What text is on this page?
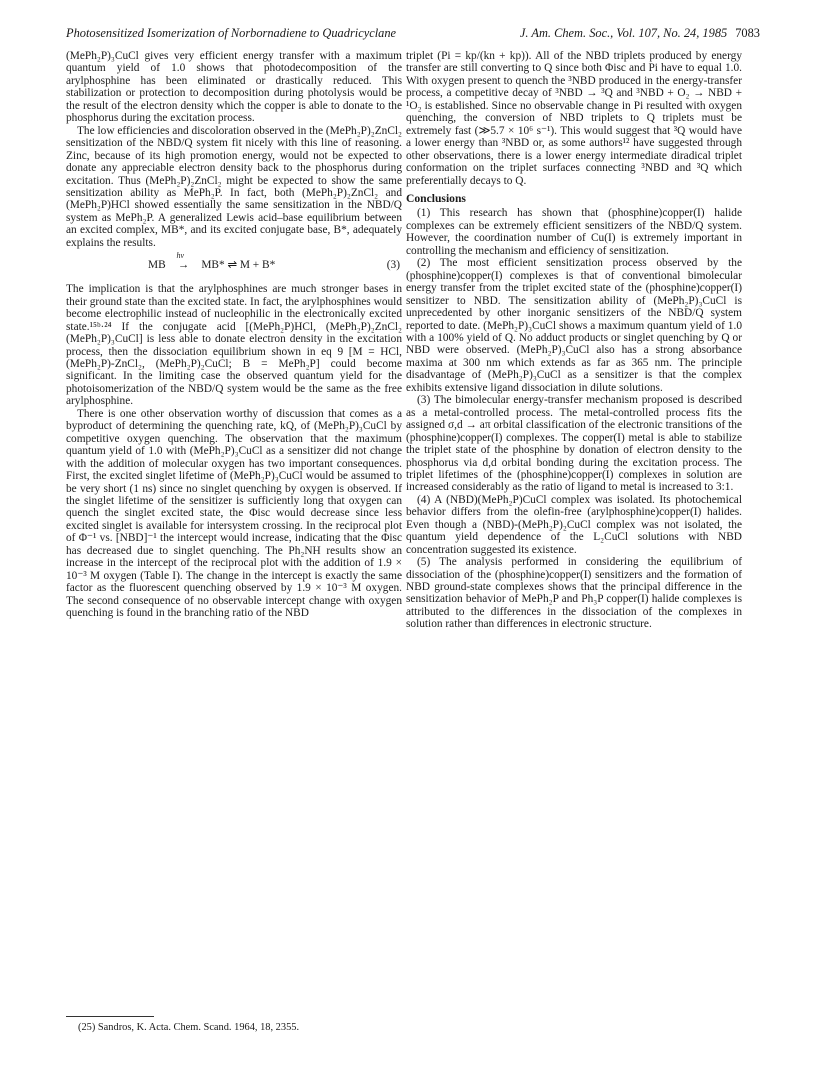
Photosensitized Isomerization of Norbornadiene to Quadricyclane	J. Am. Chem. Soc., Vol. 107, No. 24, 1985 7083

(MePh₂P)₃CuCl gives very efficient energy transfer with a maximum quantum yield of 1.0 shows that photodecomposition of the arylphosphine has been eliminated or drastically reduced. This stabilization or protection to decomposition during photolysis would be the result of the electron density which the copper is able to donate to the phosphorus during the excitation process.

The low efficiencies and discoloration observed in the (MePh₂P)₂ZnCl₂ sensitization of the NBD/Q system fit nicely with this line of reasoning. Zinc, because of its high promotion energy, would not be expected to donate any appreciable electron density back to the phosphorus during excitation. Thus (MePh₂P)₂ZnCl₂ might be expected to show the same sensitization ability as MePh₂P. In fact, both (MePh₂P)₂ZnCl₂ and (MePh₂P)HCl showed essentially the same sensitization in the NBD/Q system as MePh₂P. A generalized Lewis acid–base equilibrium between an excited complex, MB*, and its excited conjugate base, B*, adequately explains the results.

MB
hν
→ MB* ⇌ M + B*	(3)

The implication is that the arylphosphines are much stronger bases in their ground state than the excited state. In fact, the arylphosphines would become electrophilic instead of nucleophilic in the electronically excited state.¹⁵ᵇ·²⁴ If the conjugate acid [(MePh₂P)HCl, (MePh₂P)₂ZnCl₂ (MePh₂P)₃CuCl] is less able to donate electron density in the excitation process, then the dissociation equilibrium shown in eq 9 [M = HCl, (MePh₂P)-ZnCl₂, (MePh₂P)₂CuCl; B = MePh₂P] could become significant. In the limiting case the observed quantum yield for the photoisomerization of the NBD/Q system would be the same as the free arylphosphine.

There is one other observation worthy of discussion that comes as a byproduct of determining the quenching rate, kQ, of (MePh₂P)₃CuCl by competitive oxygen quenching. The observation that the maximum quantum yield of 1.0 with (MePh₂P)₃CuCl as a sensitizer did not change with the addition of molecular oxygen has two important consequences. First, the excited singlet lifetime of (MePh₂P)₃CuCl would be assumed to be very short (1 ns) since no singlet quenching by oxygen is observed. If the singlet lifetime of the sensitizer is sufficiently long that oxygen can quench the singlet excited state, the Φisc would decrease since less excited singlet is available for intersystem crossing. In the reciprocal plot of Φ⁻¹ vs. [NBD]⁻¹ the intercept would increase, indicating that the Φisc has decreased due to singlet quenching. The Ph₂NH results show an increase in the intercept of the reciprocal plot with the addition of 1.9 × 10⁻³ M oxygen (Table I). The change in the intercept is exactly the same factor as the fluorescent quenching observed by 1.9 × 10⁻³ M oxygen. The second consequence of no observable intercept change with oxygen quenching is found in the branching ratio of the NBD

triplet (Pi = kp/(kn + kp)). All of the NBD triplets produced by energy transfer are still converting to Q since both Φisc and Pi have to equal 1.0. With oxygen present to quench the ³NBD produced in the energy-transfer process, a competitive decay of ³NBD → ³Q and ³NBD + O₂ → NBD + ¹O₂ is established. Since no observable change in Pi resulted with oxygen quenching, the conversion of NBD triplets to Q triplets must be extremely fast (≫5.7 × 10⁶ s⁻¹). This would suggest that ³Q would have a lower energy than ³NBD or, as some authors¹² have suggested through other observations, there is a lower energy intermediate diradical triplet conformation on the triplet surfaces connecting ³NBD and ³Q which preferentially decays to Q.

Conclusions

(1) This research has shown that (phosphine)copper(I) halide complexes can be extremely efficient sensitizers of the NBD/Q system. However, the coordination number of Cu(I) is extremely important in controlling the mechanism and efficiency of sensitization.

(2) The most efficient sensitization process observed by the (phosphine)copper(I) complexes is that of conventional bimolecular energy transfer from the triplet excited state of the (phosphine)copper(I) sensitizer to NBD. The sensitization ability of (MePh₂P)₃CuCl is unprecedented by other inorganic sensitizers of the NBD/Q system reported to date. (MePh₂P)₃CuCl shows a maximum quantum yield of 1.0 with a 100% yield of Q. No adduct products or singlet quenching by Q or NBD were observed. (MePh₂P)₃CuCl also has a strong absorbance maxima at 300 nm which extends as far as 365 nm. The principle disadvantage of (MePh₂P)₃CuCl as a sensitizer is that the complex exhibits extensive ligand dissociation in dilute solutions.

(3) The bimolecular energy-transfer mechanism proposed is described as a metal-controlled process. The metal-controlled process fits the assigned σ,d → aπ orbital classification of the electronic transitions of the (phosphine)copper(I) complexes. The copper(I) metal is able to stabilize the triplet state of the phosphine by donation of electron density to the phosphorus via d,d orbital bonding during the excitation process. The triplet lifetimes of the (phosphine)copper(I) complexes in solution are increased considerably as the ratio of ligand to metal is increased to 3:1.

(4) A (NBD)(MePh₂P)CuCl complex was isolated. Its photochemical behavior differs from the olefin-free (arylphosphine)copper(I) halides. Even though a (NBD)-(MePh₂P)₂CuCl complex was not isolated, the quantum yield dependence of the L₂CuCl solutions with NBD concentration suggested its existence.

(5) The analysis performed in considering the equilibrium of dissociation of the (phosphine)copper(I) sensitizers and the formation of NBD ground-state complexes shows that the principal difference in the sensitization behavior of MePh₂P and Ph₃P copper(I) halide complexes is attributed to the differences in the dissociation of the complexes in solution rather than differences in electronic structure.

(25) Sandros, K. Acta. Chem. Scand. 1964, 18, 2355.
